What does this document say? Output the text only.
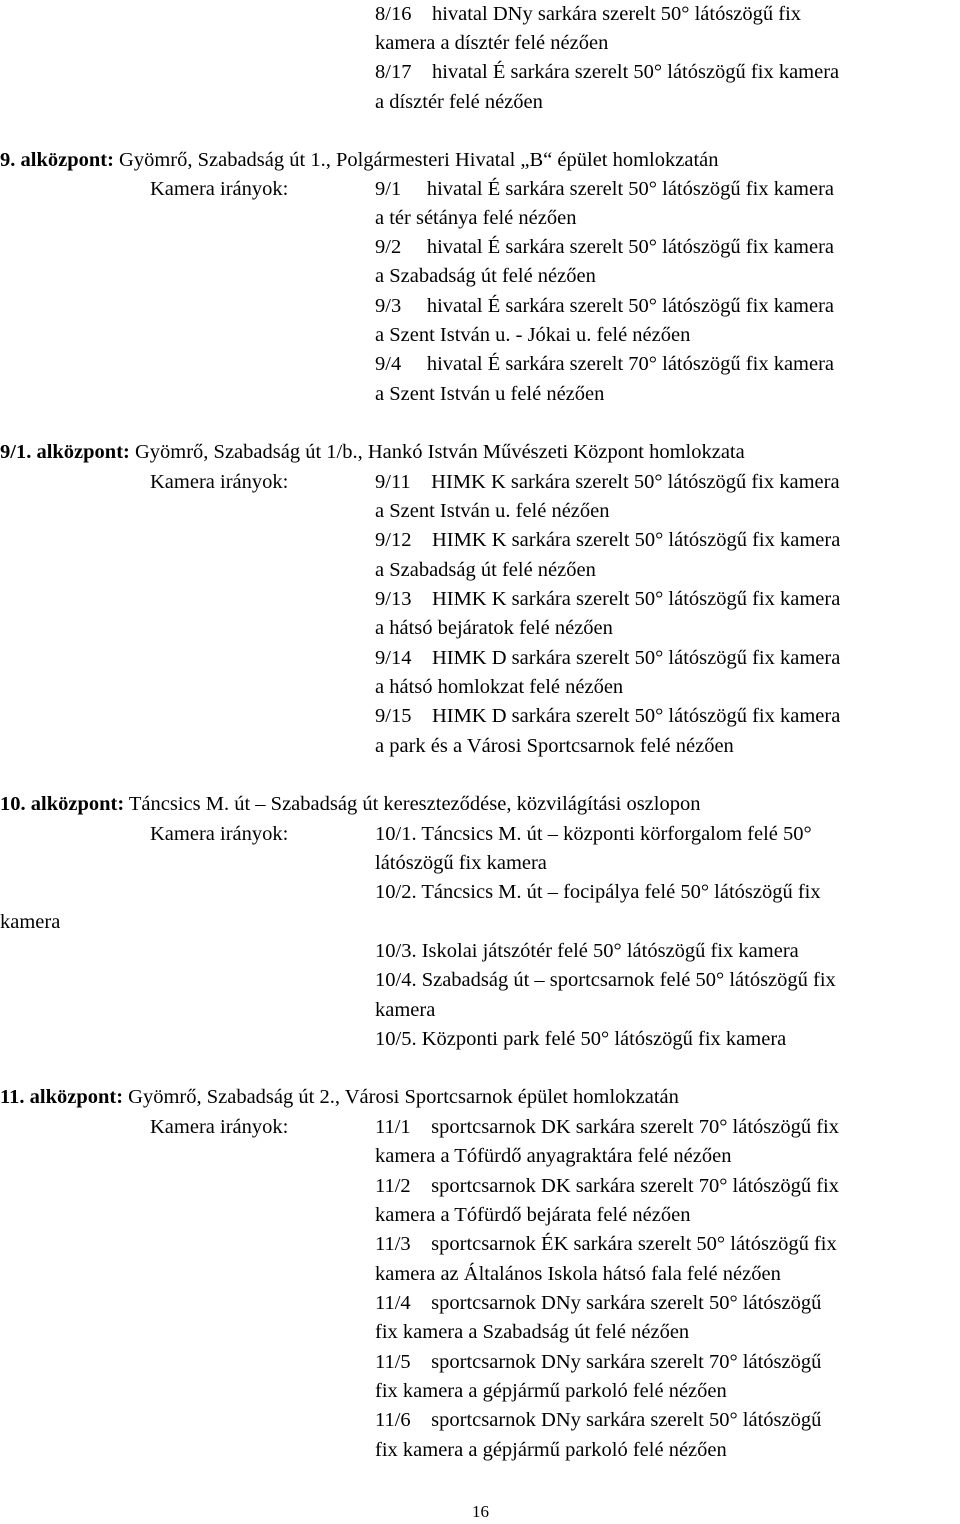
8/16    hivatal DNy sarkára szerelt 50° látószögű fix
kamera a dísztér felé nézően
8/17    hivatal É sarkára szerelt 50° látószögű fix kamera
a dísztér felé nézően
9. alközpont: Gyömrő, Szabadság út 1., Polgármesteri Hivatal „B“ épület homlokzatán
Kamera irányok:	9/1     hivatal É sarkára szerelt 50° látószögű fix kamera
a tér sétánya felé nézően
9/2     hivatal É sarkára szerelt 50° látószögű fix kamera
a Szabadság út felé nézően
9/3     hivatal É sarkára szerelt 50° látószögű fix kamera
a Szent István u. - Jókai u. felé nézően
9/4     hivatal É sarkára szerelt 70° látószögű fix kamera
a Szent István u felé nézően
9/1. alközpont: Gyömrő, Szabadság út 1/b., Hankó István Művészeti Központ homlokzata
Kamera irányok:	9/11    HIMK K sarkára szerelt 50° látószögű fix kamera
a Szent István u. felé nézően
9/12    HIMK K sarkára szerelt 50° látószögű fix kamera
a Szabadság út felé nézően
9/13    HIMK K sarkára szerelt 50° látószögű fix kamera
a hátsó bejáratok felé nézően
9/14    HIMK D sarkára szerelt 50° látószögű fix kamera
a hátsó homlokzat felé nézően
9/15    HIMK D sarkára szerelt 50° látószögű fix kamera
a park és a Városi Sportcsarnok felé nézően
10. alközpont: Táncsics M. út – Szabadság út kereszteződése, közvilágítási oszlopon
Kamera irányok:	10/1. Táncsics M. út – központi körforgalom felé 50°
látószögű fix kamera
10/2. Táncsics M. út – focipálya felé 50° látószögű fix
kamera
10/3. Iskolai játszótér felé 50° látószögű fix kamera
10/4. Szabadság út – sportcsarnok felé 50° látószögű fix
kamera
10/5. Központi park felé 50° látószögű fix kamera
11. alközpont: Gyömrő, Szabadság út 2., Városi Sportcsarnok épület homlokzatán
Kamera irányok:	11/1    sportcsarnok DK sarkára szerelt 70° látószögű fix
kamera a Tófürdő anyagraktára felé nézően
11/2    sportcsarnok DK sarkára szerelt 70° látószögű fix
kamera a Tófürdő bejárata felé nézően
11/3    sportcsarnok ÉK sarkára szerelt 50° látószögű fix
kamera az Általános Iskola hátsó fala felé nézően
11/4    sportcsarnok DNy sarkára szerelt 50° látószögű
fix kamera a Szabadság út felé nézően
11/5    sportcsarnok DNy sarkára szerelt 70° látószögű
fix kamera a gépjármű parkoló felé nézően
11/6    sportcsarnok DNy sarkára szerelt 50° látószögű
fix kamera a gépjármű parkoló felé nézően
16
